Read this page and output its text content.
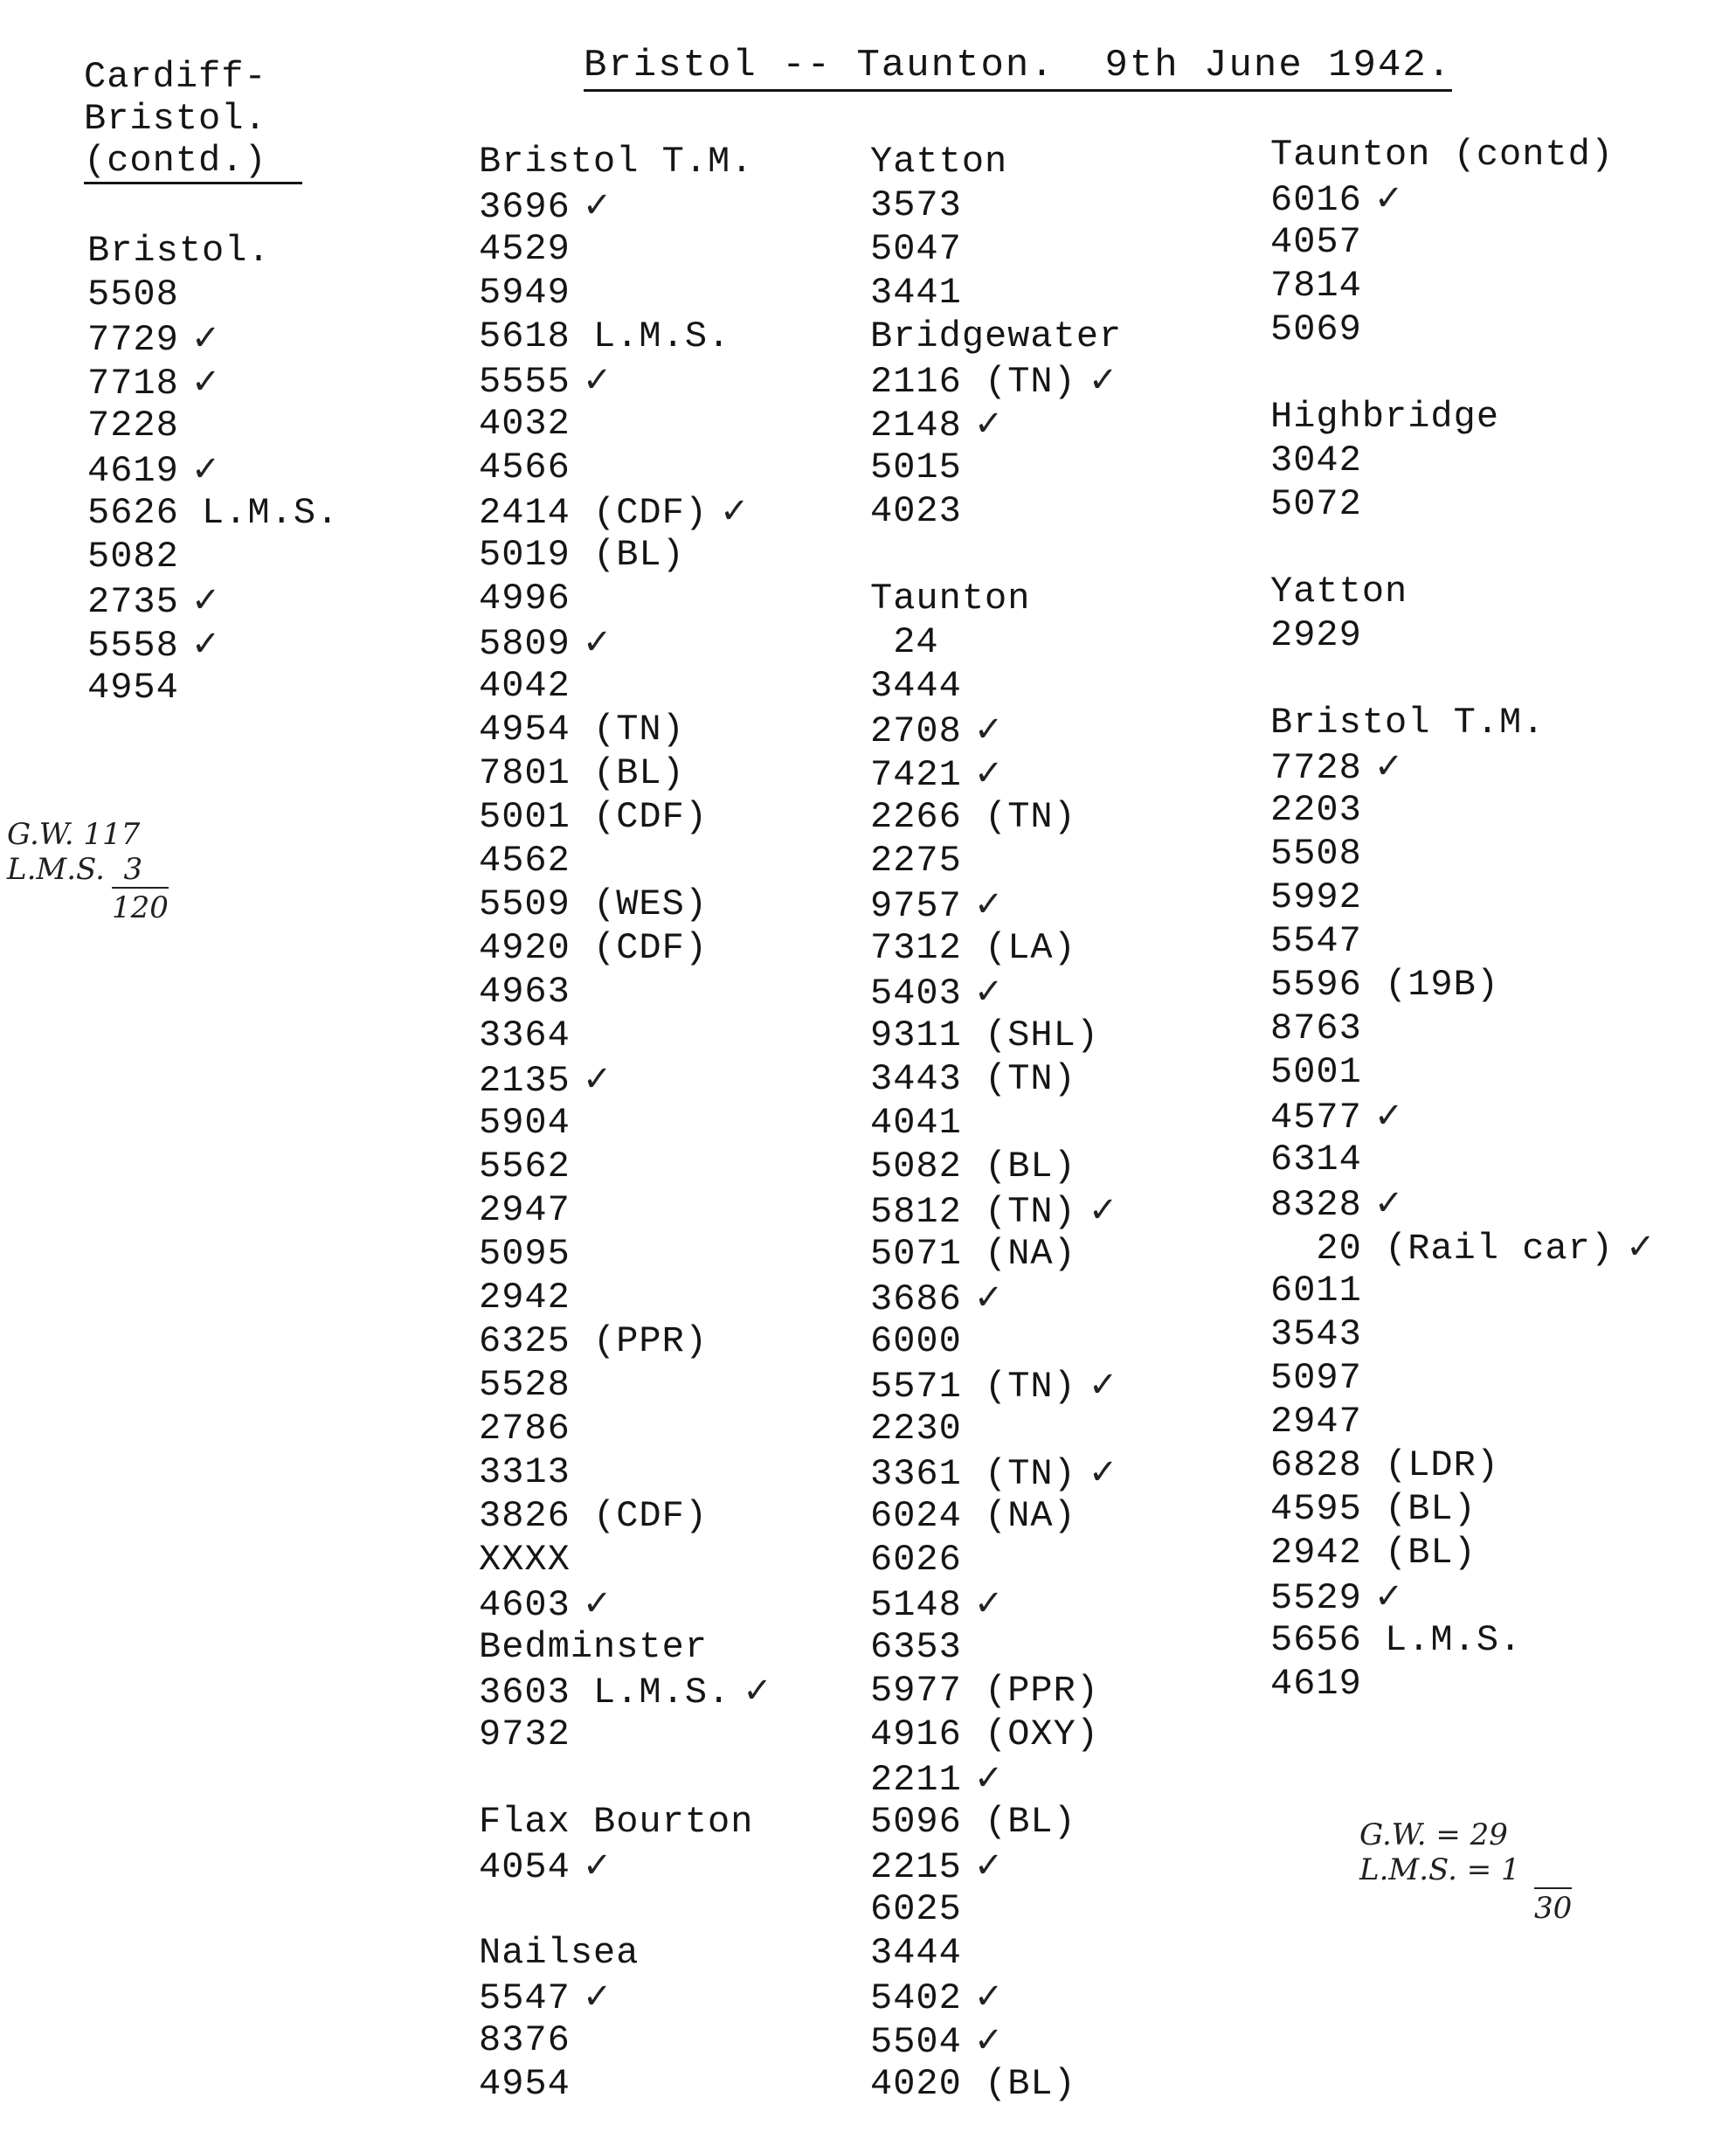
Bristol -- Taunton.  9th June 1942.
Cardiff-
Bristol.
(contd.)
Bristol.
5508
7729 ✓
7718 ✓
7228
4619 ✓
5626 L.M.S.
5082
2735 ✓
5558 ✓
4954
Bristol T.M.
3696 ✓
4529
5949
5618 L.M.S.
5555 ✓
4032
4566
2414 (CDF) ✓
5019 (BL)
4996
5809 ✓
4042
4954 (TN)
7801 (BL)
5001 (CDF)
4562
5509 (WES)
4920 (CDF)
4963
3364
2135 ✓
5904
5562
2947
5095
2942
6325 (PPR)
5528
2786
3313
3826 (CDF)
XXXX
4603 ✓
Bedminster
3603 L.M.S. ✓
9732
Flax Bourton
4054 ✓
Nailsea
5547 ✓
8376
4954
Yatton
3573
5047
3441
Bridgewater
2116 (TN) ✓
2148 ✓
5015
4023
Taunton
24
3444
2708 ✓
7421 ✓
2266 (TN)
2275
9757 ✓
7312 (LA)
5403 ✓
9311 (SHL)
3443 (TN)
4041
5082 (BL)
5812 (TN) ✓
5071 (NA)
3686 ✓
6000
5571 (TN) ✓
2230
3361 (TN) ✓
6024 (NA)
6026
5148 ✓
6353
5977 (PPR)
4916 (OXY)
2211 ✓
5096 (BL)
2215 ✓
6025
3444
5402 ✓
5504 ✓
4020 (BL)
Taunton (contd)
6016 ✓
4057
7814
5069
Highbridge
3042
5072
Yatton
2929
Bristol T.M.
7728 ✓
2203
5508
5992
5547
5596 (19B)
8763
5001
4577 ✓
6314
8328 ✓
20 (Rail car) ✓
6011
3543
5097
2947
6828 (LDR)
4595 (BL)
2942 (BL)
5529 ✓
5656 L.M.S.
4619
G.W. 117
L.M.S.  3
120
G.W. = 29
L.M.S. = 1
30
